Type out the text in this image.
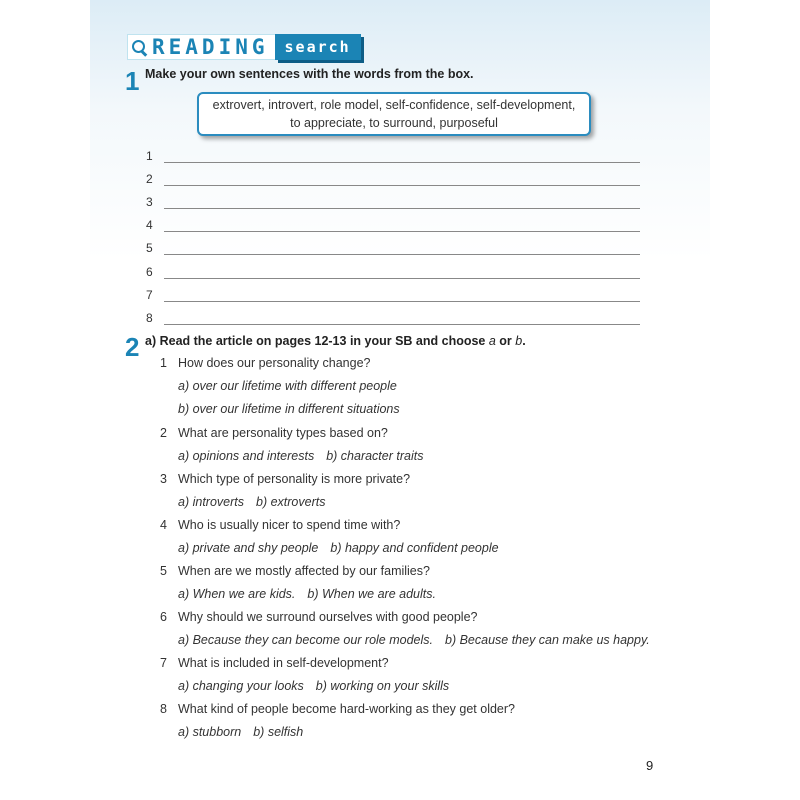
READING	search
1 Make your own sentences with the words from the box.
extrovert, introvert, role model, self-confidence, self-development,
to appreciate, to surround, purposeful
1
2
3
4
5
6
7
8
2 a) Read the article on pages 12-13 in your SB and choose a or b.
1 How does our personality change?
a) over our lifetime with different people
b) over our lifetime in different situations
2 What are personality types based on?
a) opinions and interests b) character traits
3 Which type of personality is more private?
a) introverts b) extroverts
4 Who is usually nicer to spend time with?
a) private and shy people b) happy and confident people
5 When are we mostly affected by our families?
a) When we are kids. b) When we are adults.
6 Why should we surround ourselves with good people?
a) Because they can become our role models. b) Because they can make us happy.
7 What is included in self-development?
a) changing your looks b) working on your skills
8 What kind of people become hard-working as they get older?
a) stubborn b) selfish
9
